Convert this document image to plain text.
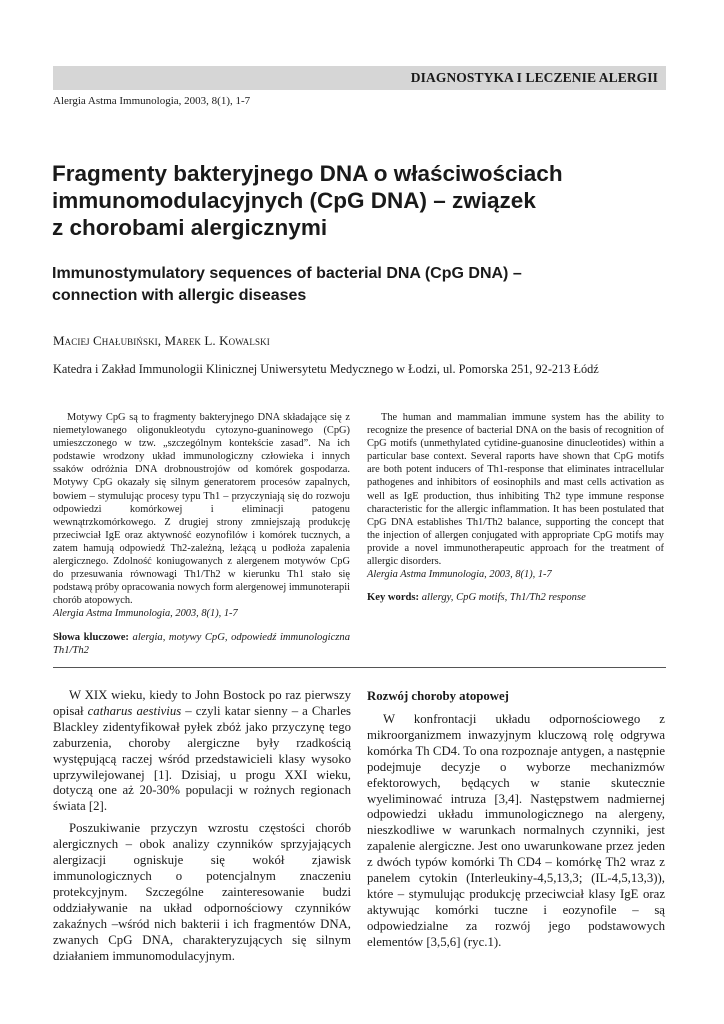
DIAGNOSTYKA I LECZENIE ALERGII
Alergia Astma Immunologia, 2003, 8(1), 1-7
Fragmenty bakteryjnego DNA o właściwościach
immunomodulacyjnych (CpG DNA) – związek
z chorobami alergicznymi
Immunostymulatory sequences of bacterial DNA (CpG DNA) –
connection with allergic diseases
Maciej Chałubiński, Marek L. Kowalski
Katedra i Zakład Immunologii Klinicznej Uniwersytetu Medycznego w Łodzi, ul. Pomorska 251, 92-213 Łódź

Motywy CpG są to fragmenty bakteryjnego DNA składające się z niemetylowanego oligonukleotydu cytozyno-guaninowego (CpG) umieszczonego w tzw. „szczególnym kontekście zasad”. Na ich podstawie wrodzony układ immunologiczny człowieka i innych ssaków odróżnia DNA drobnoustrojów od komórek gospodarza. Motywy CpG okazały się silnym generatorem procesów zapalnych, bowiem – stymulując procesy typu Th1 – przyczyniają się do rozwoju odpowiedzi komórkowej i eliminacji patogenu wewnątrzkomórkowego. Z drugiej strony zmniejszają produkcję przeciwciał IgE oraz aktywność eozynofilów i komórek tucznych, a zatem hamują odpowiedź Th2-zależną, leżącą u podłoża zapalenia alergicznego. Zdolność koniugowanych z alergenem motywów CpG do przesuwania równowagi Th1/Th2 w kierunku Th1 stało się podstawą próby opracowania nowych form alergenowej immunoterapii chorób atopowych.

Alergia Astma Immunologia, 2003, 8(1), 1-7

Słowa kluczowe: alergia, motywy CpG, odpowiedź immunologiczna Th1/Th2

The human and mammalian immune system has the ability to recognize the presence of bacterial DNA on the basis of recognition of CpG motifs (unmethylated cytidine-guanosine dinucleotides) within a particular base context. Several raports have shown that CpG motifs are both potent inducers of Th1-response that eliminates intracellular pathogenes and inhibitors of eosinophils and mast cells activation as well as IgE production, thus inhibiting Th2 type immune response characteristic for the allergic inflammation. It has been postulated that CpG DNA establishes Th1/Th2 balance, supporting the concept that the injection of allergen conjugated with appropriate CpG motifs may provide a novel immunotherapeutic approach for the treatment of allergic disorders.

Alergia Astma Immunologia, 2003, 8(1), 1-7

Key words: allergy, CpG motifs, Th1/Th2 response

W XIX wieku, kiedy to John Bostock po raz pierwszy opisał catharus aestivius – czyli katar sienny – a Charles Blackley zidentyfikował pyłek zbóż jako przyczynę tego zaburzenia, choroby alergiczne były rzadkością występującą raczej wśród przedstawicieli klasy wysoko uprzywilejowanej [1]. Dzisiaj, u progu XXI wieku, dotyczą one aż 20-30% populacji w rożnych regionach świata [2].

Poszukiwanie przyczyn wzrostu częstości chorób alergicznych – obok analizy czynników sprzyjających alergizacji ogniskuje się wokół zjawisk immunologicznych o potencjalnym znaczeniu protekcyjnym. Szczególne zainteresowanie budzi oddziaływanie na układ odpornościowy czynników zakaźnych –wśród nich bakterii i ich fragmentów DNA, zwanych CpG DNA, charakteryzujących się silnym działaniem immunomodulacyjnym.

Rozwój choroby atopowej

W konfrontacji układu odpornościowego z mikroorganizmem inwazyjnym kluczową rolę odgrywa komórka Th CD4. To ona rozpoznaje antygen, a następnie podejmuje decyzje o wyborze mechanizmów efektorowych, będących w stanie skutecznie wyeliminować intruza [3,4]. Następstwem nadmiernej odpowiedzi układu immunologicznego na alergeny, nieszkodliwe w warunkach normalnych czynniki, jest zapalenie alergiczne. Jest ono uwarunkowane przez jeden z dwóch typów komórki Th CD4 – komórkę Th2 wraz z panelem cytokin (Interleukiny-4,5,13,3; (IL-4,5,13,3)), które – stymulując produkcję przeciwciał klasy IgE oraz aktywując komórki tuczne i eozynofile – są odpowiedzialne za rozwój jego podstawowych elementów [3,5,6] (ryc.1).
